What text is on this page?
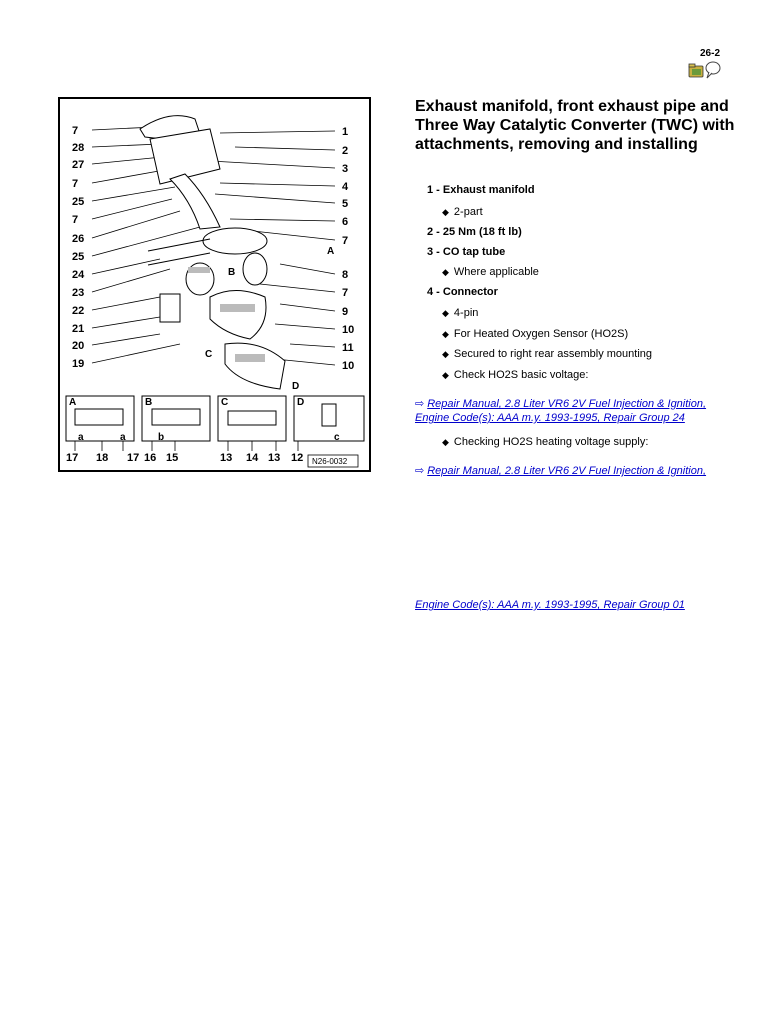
26-2
N26-0032
A
B
C
D
A	B	C	D
a	a	b	c
7
28
27
7
25
7
26
25
24
23
22
21
20
19
1
2
3
4
5
6
7
8
7
9
10
11
10
17 18 17 16 15	13 14 13 12
Exhaust manifold, front exhaust pipe and Three Way Catalytic Converter (TWC) with attachments, removing and installing
1 - Exhaust manifold
◆ 2-part
2 - 25 Nm (18 ft lb)
3 - CO tap tube
◆ Where applicable
4 - Connector
◆ 4-pin
◆ For Heated Oxygen Sensor (HO2S)
◆ Secured to right rear assembly mounting
◆ Check HO2S basic voltage:
⇨ Repair Manual, 2.8 Liter VR6 2V Fuel Injection & Ignition,
Engine Code(s): AAA m.y. 1993-1995, Repair Group 24
◆ Checking HO2S heating voltage supply:
⇨ Repair Manual, 2.8 Liter VR6 2V Fuel Injection & Ignition,
Engine Code(s): AAA m.y. 1993-1995, Repair Group 01
